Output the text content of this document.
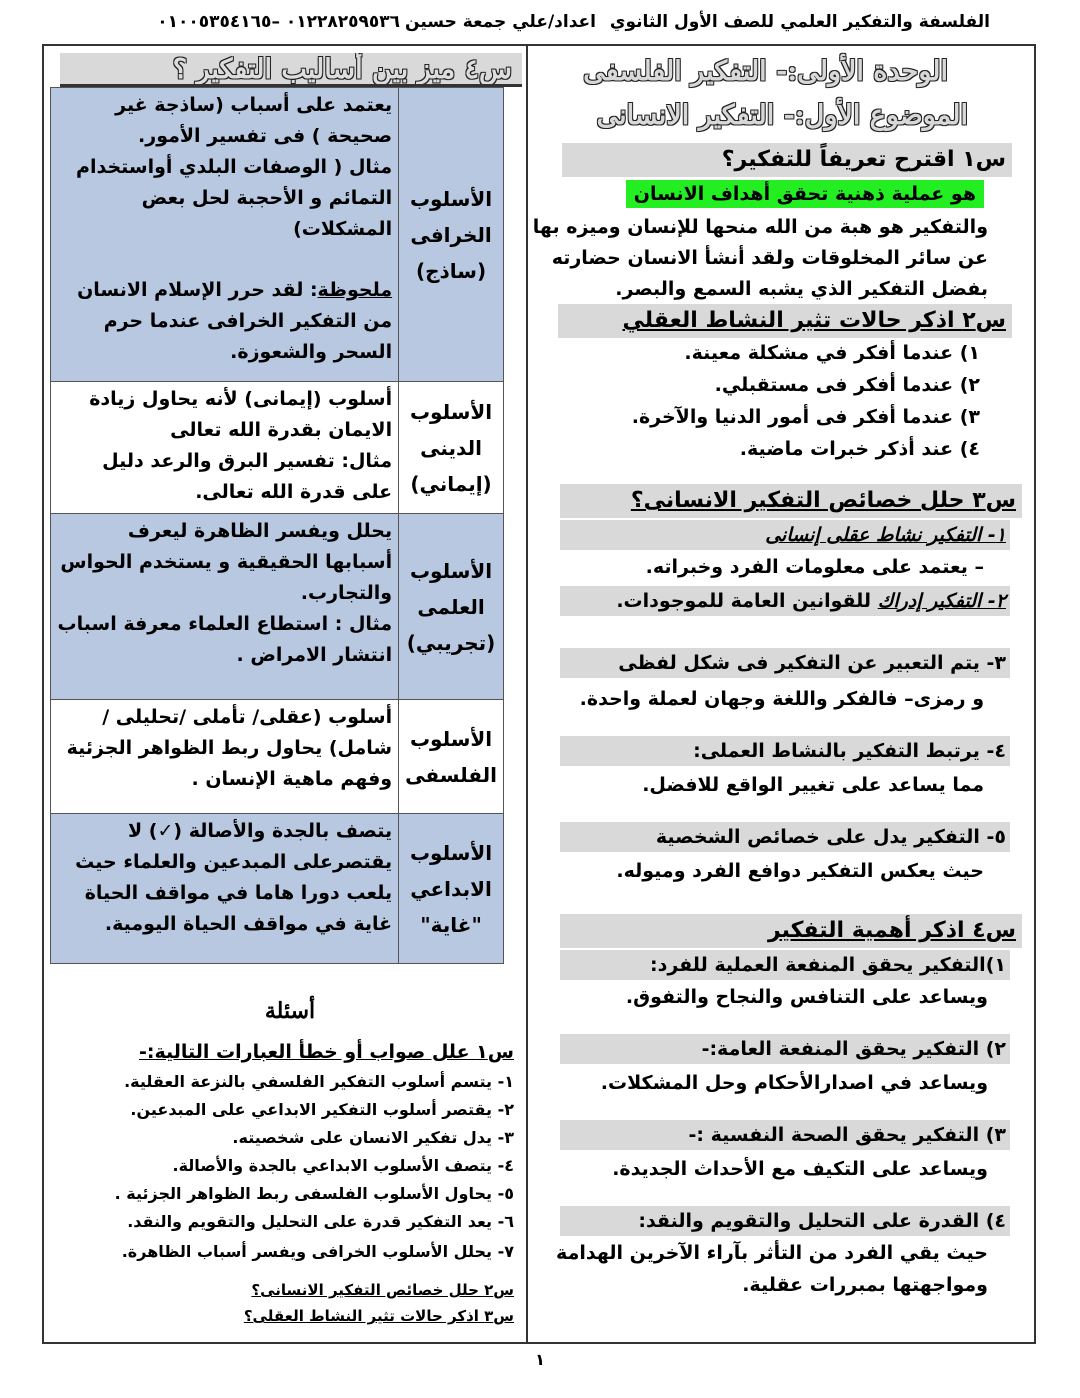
الفلسفة والتفكير العلمي
للصف الأول الثانوي
اعداد/علي جمعة حسين
٠١٢٢٨٢٥٩٥٣٦ –٠١٠٠٥٣٥٤١٦٥
الوحدة الأولى:- التفكير الفلسفى
الموضوع الأول:- التفكير الانسانى
س١ اقترح تعريفاً للتفكير؟
هو عملية ذهنية تحقق أهداف الانسان
والتفكير هو هبة من الله منحها للإنسان وميزه بها
عن سائر المخلوقات ولقد أنشأ الانسان حضارته
بفضل التفكير الذي يشبه السمع والبصر.
س٢ اذكر حالات تثير النشاط العقلي
١) عندما أفكر في مشكلة معينة.
٢) عندما أفكر فى مستقبلي.
٣) عندما أفكر فى أمور الدنيا والآخرة.
٤) عند أذكر خبرات ماضية.
س٣ حلل خصائص التفكير الانسانى؟
١- التفكير نشاط عقلى إنسانى
– يعتمد على معلومات الفرد وخبراته.
٢- التفكير إدراك للقوانين العامة للموجودات.
٣- يتم التعبير عن التفكير فى شكل لفظى
و رمزى– فالفكر واللغة وجهان لعملة واحدة.
٤- يرتبط التفكير بالنشاط العملى:
مما يساعد على تغيير الواقع للافضل.
٥- التفكير يدل على خصائص الشخصية
حيث يعكس التفكير دوافع الفرد وميوله.
س٤ اذكر أهمية التفكير
١)التفكير يحقق المنفعة العملية للفرد:
ويساعد على التنافس والنجاح والتفوق.
٢) التفكير يحقق المنفعة العامة:-
ويساعد في اصدارالأحكام وحل المشكلات.
٣) التفكير يحقق الصحة النفسية :-
ويساعد على التكيف مع الأحداث الجديدة.
٤) القدرة على التحليل والتقويم والنقد:
حيث يقي الفرد من التأثر بآراء الآخرين الهدامة
ومواجهتها بمبررات عقلية.
س٤ ميز بين أساليب التفكير ؟
الأسلوب الخرافى (ساذج)	يعتمد على أسباب (ساذجة غير صحيحة ) فى تفسير الأمور.
مثال ( الوصفات البلدي أواستخدام التمائم و الأحجبة لحل بعض المشكلات)
ملحوظة: لقد حرر الإسلام الانسان من التفكير الخرافى عندما حرم السحر والشعوزة.

الأسلوب الدينى (إيماني)	أسلوب (إيمانى) لأنه يحاول زيادة الايمان بقدرة الله تعالى
مثال: تفسير البرق والرعد دليل على قدرة الله تعالى.

الأسلوب العلمى (تجريبي)	يحلل ويفسر الظاهرة ليعرف أسبابها الحقيقية و يستخدم الحواس والتجارب.
مثال : استطاع العلماء معرفة اسباب انتشار الامراض .

الأسلوب الفلسفى	أسلوب (عقلى/ تأملى /تحليلى / شامل) يحاول ربط الظواهر الجزئية وفهم ماهية الإنسان .

الأسلوب الابداعي "غاية"	يتصف بالجدة والأصالة (✓) لا يقتصرعلى المبدعين والعلماء حيث يلعب دورا هاما في مواقف الحياة غاية في مواقف الحياة اليومية.
أسئلة
س١ علل صواب أو خطأ العبارات التالية:-
١- يتسم أسلوب التفكير الفلسفي بالنزعة العقلية.
٢- يقتصر أسلوب التفكير الابداعي على المبدعين.
٣- يدل تفكير الانسان على شخصيته.
٤- يتصف الأسلوب الابداعي بالجدة والأصالة.
٥- يحاول الأسلوب الفلسفى ربط الظواهر الجزئية .
٦- يعد التفكير قدرة على التحليل والتقويم والنقد.
٧- يحلل الأسلوب الخرافى ويفسر أسباب الظاهرة.
س٢ حلل خصائص التفكير الانسانى؟
س٣ اذكر حالات تثير النشاط العقلى؟
١
